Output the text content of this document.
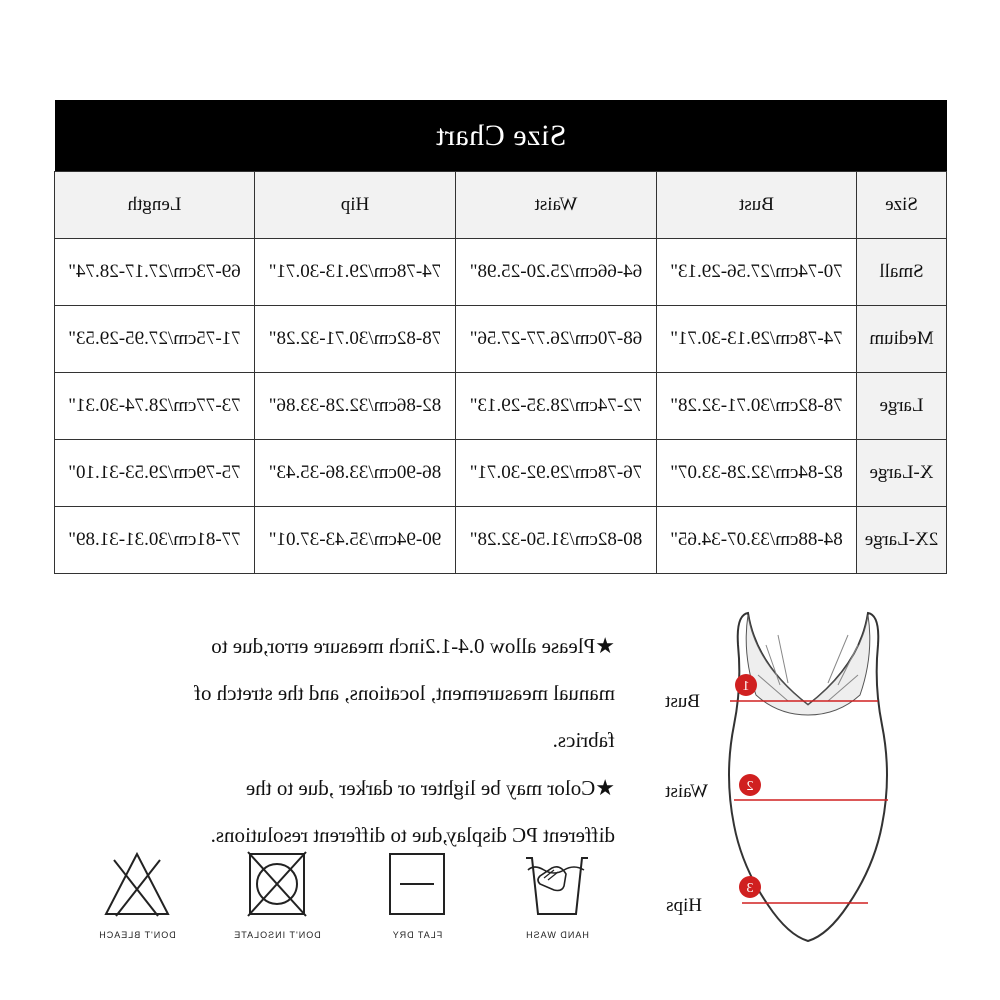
Size Chart
Size	Bust	Waist	Hip	Length
Small	70-74cm/27.56-29.13"	64-66cm/25.20-25.98"	74-78cm/29.13-30.71"	69-73cm/27.17-28.74"
Medium	74-78cm/29.13-30.71"	68-70cm/26.77-27.56"	78-82cm/30.71-32.28"	71-75cm/27.95-29.53"
Large	78-82cm/30.71-32.28"	72-74cm/28.35-29.13"	82-86cm/32.28-33.86"	73-77cm/28.74-30.31"
X-Large	82-84cm/32.28-33.07"	76-78cm/29.92-30.71"	86-90cm/33.86-35.43"	75-79cm/29.53-31.10"
2X-Large	84-88cm/33.07-34.65"	80-82cm/31.50-32.28"	90-94cm/35.43-37.01"	77-81cm/30.31-31.89"

★Please allow 0.4-1.2inch measure error,due to

manual measurement, locations, and the stretch of

fabrics.

★Color may be lighter or darker ,due to the

different PC display,due to different resolutions.

HAND WASH
FLAT DRY
DON'T INSOLATE
DON'T BLEACH
1
2
3
Bust
Waist
Hips
